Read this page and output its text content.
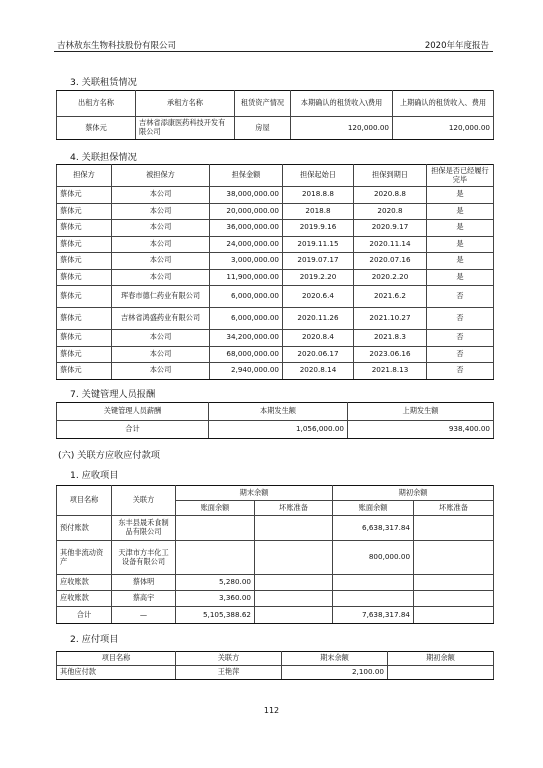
吉林敖东生物科技股份有限公司	2020年年度报告
3. 关联租赁情况
出租方名称	承租方名称	租赁资产情况	本期确认的租赁收入\费用	上期确认的租赁收入、费用
蔡体元	吉林省添康医药科技开发有限公司	房屋	120,000.00	120,000.00
4. 关联担保情况
担保方	被担保方	担保金额	担保起始日	担保到期日	担保是否已经履行完毕
蔡体元	本公司	38,000,000.00	2018.8.8	2020.8.8	是
蔡体元	本公司	20,000,000.00	2018.8	2020.8	是
蔡体元	本公司	36,000,000.00	2019.9.16	2020.9.17	是
蔡体元	本公司	24,000,000.00	2019.11.15	2020.11.14	是
蔡体元	本公司	3,000,000.00	2019.07.17	2020.07.16	是
蔡体元	本公司	11,900,000.00	2019.2.20	2020.2.20	是
蔡体元	珲春市德仁药业有限公司	6,000,000.00	2020.6.4	2021.6.2	否
蔡体元	吉林省鸿盛药业有限公司	6,000,000.00	2020.11.26	2021.10.27	否
蔡体元	本公司	34,200,000.00	2020.8.4	2021.8.3	否
蔡体元	本公司	68,000,000.00	2020.06.17	2023.06.16	否
蔡体元	本公司	2,940,000.00	2020.8.14	2021.8.13	否
7. 关键管理人员报酬
关键管理人员薪酬	本期发生额	上期发生额
合计	1,056,000.00	938,400.00
(六) 关联方应收应付款项
1. 应收项目
项目名称	关联方	期末余额		期初余额	
		账面余额	坏账准备	账面余额	坏账准备
预付账款	东丰县晟禾食制品有限公司			6,638,317.84	
其他非流动资产	天津市方丰化工设备有限公司			800,000.00	
应收账款	蔡体明	5,280.00			
应收账款	蔡高宇	3,360.00			
合计	—	5,105,388.62		7,638,317.84	
2. 应付项目
项目名称	关联方	期末余额	期初余额
其他应付款	王艳萍	2,100.00	
112
